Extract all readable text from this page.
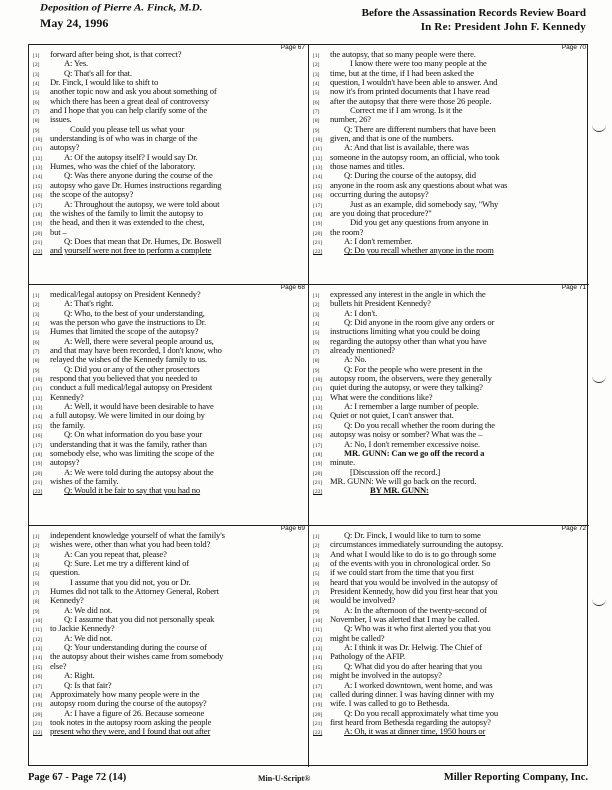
Deposition of Pierre A. Finck, M.D.
May 24, 1996
Before the Assassination Records Review Board
In Re: President John F. Kennedy
Page 67
[1]	forward after being shot, is that correct?
[2]	A: Yes.
[3]	Q: That's all for that.
[4]	Dr. Finck, I would like to shift to
[5]	another topic now and ask you about something of
[6]	which there has been a great deal of controversy
[7]	and I hope that you can help clarify some of the
[8]	issues.
[9]	Could you please tell us what your
[10] understanding is of who was in charge of the
[11] autopsy?
[12]	A: Of the autopsy itself? I would say Dr.
[13] Humes, who was the chief of the laboratory.
[14]	Q: Was there anyone during the course of the
[15] autopsy who gave Dr. Humes instructions regarding
[16] the scope of the autopsy?
[17]	A: Throughout the autopsy, we were told about
[18] the wishes of the family to limit the autopsy to
[19] the head, and then it was extended to the chest,
[20] but –
[21]	Q: Does that mean that Dr. Humes, Dr. Boswell
[22] and yourself were not free to perform a complete
Page 70
[1]	the autopsy, that so many people were there.
[2]	I know there were too many people at the
[3]	time, but at the time, if I had been asked the
[4]	question, I wouldn't have been able to answer. And
[5]	now it's from printed documents that I have read
[6]	after the autopsy that there were those 26 people.
[7]	Correct me if I am wrong. Is it the
[8]	number, 26?
[9]	Q: There are different numbers that have been
[10] given, and that is one of the numbers.
[11]	A: And that list is available, there was
[12] someone in the autopsy room, an official, who took
[13] those names and titles.
[14]	Q: During the course of the autopsy, did
[15] anyone in the room ask any questions about what was
[16] occurring during the autopsy?
[17]	Just as an example, did somebody say, "Why
[18] are you doing that procedure?"
[19]	Did you get any questions from anyone in
[20] the room?
[21]	A: I don't remember.
[22]	Q: Do you recall whether anyone in the room
Page 68
[1]	medical/legal autopsy on President Kennedy?
[2]	A: That's right.
[3]	Q: Who, to the best of your understanding,
[4]	was the person who gave the instructions to Dr.
[5]	Humes that limited the scope of the autopsy?
[6]	A: Well, there were several people around us,
[7]	and that may have been recorded, I don't know, who
[8]	relayed the wishes of the Kennedy family to us.
[9]	Q: Did you or any of the other prosectors
[10] respond that you believed that you needed to
[11] conduct a full medical/legal autopsy on President
[12] Kennedy?
[13]	A: Well, it would have been desirable to have
[14] a full autopsy. We were limited in our doing by
[15] the family.
[16]	Q: On what information do you base your
[17] understanding that it was the family, rather than
[18] somebody else, who was limiting the scope of the
[19] autopsy?
[20]	A: We were told during the autopsy about the
[21] wishes of the family.
[22]	Q: Would it be fair to say that you had no
Page 71
[1]	expressed any interest in the angle in which the
[2]	bullets hit President Kennedy?
[3]	A: I don't.
[4]	Q: Did anyone in the room give any orders or
[5]	instructions limiting what you could be doing
[6]	regarding the autopsy other than what you have
[7]	already mentioned?
[8]	A: No.
[9]	Q: For the people who were present in the
[10] autopsy room, the observers, were they generally
[11] quiet during the autopsy, or were they talking?
[12] What were the conditions like?
[13]	A: I remember a large number of people.
[14] Quiet or not quiet, I can't answer that.
[15]	Q: Do you recall whether the room during the
[16] autopsy was noisy or somber? What was the –
[17]	A: No, I don't remember excessive noise.
[18]	MR. GUNN: Can we go off the record a
[19] minute.
[20]	[Discussion off the record.]
[21] MR. GUNN: We will go back on the record.
[22]	BY MR. GUNN:
Page 69
[1]	independent knowledge yourself of what the family's
[2]	wishes were, other than what you had been told?
[3]	A: Can you repeat that, please?
[4]	Q: Sure. Let me try a different kind of
[5]	question.
[6]	I assume that you did not, you or Dr.
[7]	Humes did not talk to the Attorney General, Robert
[8]	Kennedy?
[9]	A: We did not.
[10]	Q: I assume that you did not personally speak
[11] to Jackie Kennedy?
[12]	A: We did not.
[13]	Q: Your understanding during the course of
[14] the autopsy about their wishes came from somebody
[15] else?
[16]	A: Right.
[17]	Q: Is that fair?
[18] Approximately how many people were in the
[19] autopsy room during the course of the autopsy?
[20]	A: I have a figure of 26. Because someone
[21] took notes in the autopsy room asking the people
[22] present who they were, and I found that out after
Page 72
[1]	Q: Dr. Finck, I would like to turn to some
[2]	circumstances immediately surrounding the autopsy.
[3]	And what I would like to do is to go through some
[4]	of the events with you in chronological order. So
[5]	if we could start from the time that you first
[6]	heard that you would be involved in the autopsy of
[7]	President Kennedy, how did you first hear that you
[8]	would be involved?
[9]	A: In the afternoon of the twenty-second of
[10] November, I was alerted that I may be called.
[11]	Q: Who was it who first alerted you that you
[12] might be called?
[13]	A: I think it was Dr. Helwig. The Chief of
[14] Pathology of the AFIP.
[15]	Q: What did you do after hearing that you
[16] might be involved in the autopsy?
[17]	A: I worked downtown, went home, and was
[18] called during dinner. I was having dinner with my
[19] wife. I was called to go to Bethesda.
[20]	Q: Do you recall approximately what time you
[21] first heard from Bethesda regarding the autopsy?
[22]	A: Oh, it was at dinner time, 1950 hours or
Page 67 - Page 72 (14)	Min-U-Script®	Miller Reporting Company, Inc.
